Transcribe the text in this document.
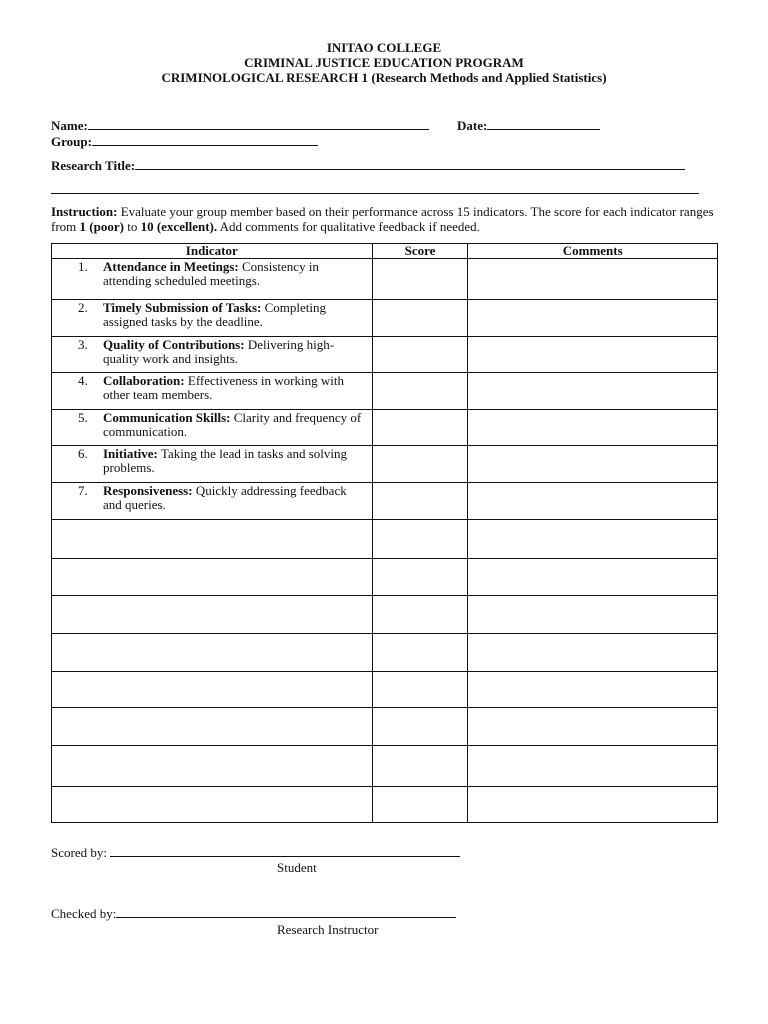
INITAO COLLEGE
CRIMINAL JUSTICE EDUCATION PROGRAM
CRIMINOLOGICAL RESEARCH 1 (Research Methods and Applied Statistics)
Name:	Date:
Group:
Research Title:
Instruction: Evaluate your group member based on their performance across 15 indicators. The score for each indicator ranges from 1 (poor) to 10 (excellent). Add comments for qualitative feedback if needed.
Indicator	Score	Comments

1. Attendance in Meetings: Consistency in attending scheduled meetings.		

2. Timely Submission of Tasks: Completing assigned tasks by the deadline.		

3. Quality of Contributions: Delivering high-quality work and insights.		

4. Collaboration: Effectiveness in working with other team members.		

5. Communication Skills: Clarity and frequency of communication.		

6. Initiative: Taking the lead in tasks and solving problems.		

7. Responsiveness: Quickly addressing feedback and queries.		

Scored by:
Student
Checked by:
Research Instructor
